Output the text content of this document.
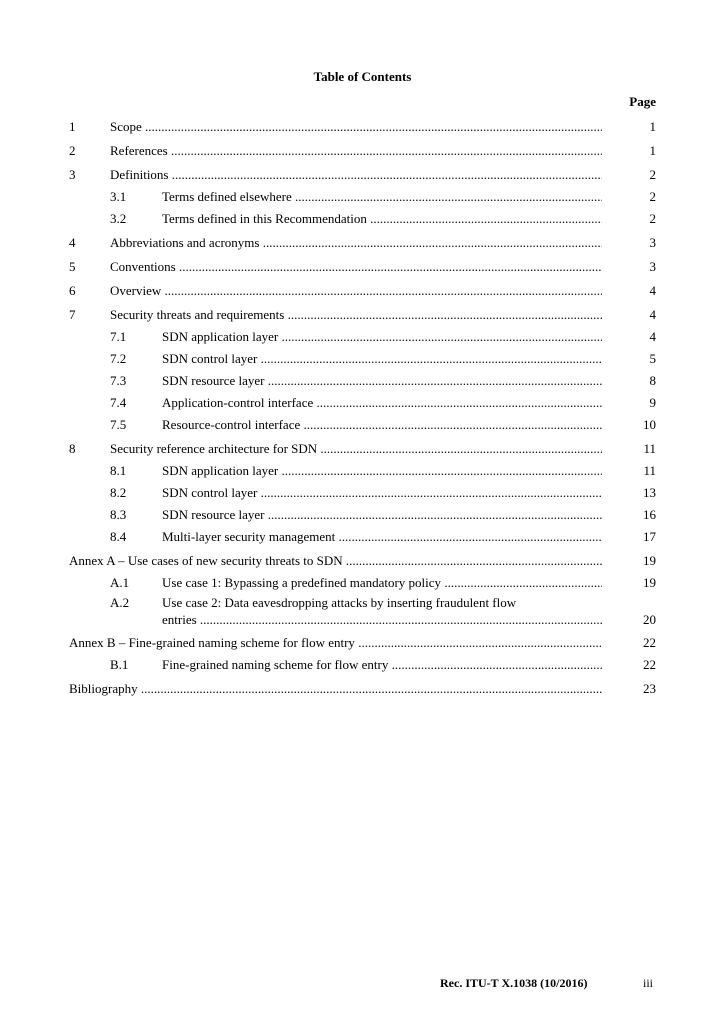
Table of Contents
Page
1	Scope .....	1
2	References .....	1
3	Definitions .....	2
3.1	Terms defined elsewhere .....	2
3.2	Terms defined in this Recommendation .....	2
4	Abbreviations and acronyms .....	3
5	Conventions .....	3
6	Overview .....	4
7	Security threats and requirements .....	4
7.1	SDN application layer .....	4
7.2	SDN control layer .....	5
7.3	SDN resource layer .....	8
7.4	Application-control interface .....	9
7.5	Resource-control interface .....	10
8	Security reference architecture for SDN .....	11
8.1	SDN application layer .....	11
8.2	SDN control layer .....	13
8.3	SDN resource layer .....	16
8.4	Multi-layer security management .....	17
Annex A – Use cases of new security threats to SDN .....	19
A.1	Use case 1: Bypassing a predefined mandatory policy .....	19
A.2	Use case 2: Data eavesdropping attacks by inserting fraudulent flow
entries .....	20
Annex B – Fine-grained naming scheme for flow entry .....	22
B.1	Fine-grained naming scheme for flow entry .....	22
Bibliography .....	23
Rec. ITU-T X.1038 (10/2016)	iii
